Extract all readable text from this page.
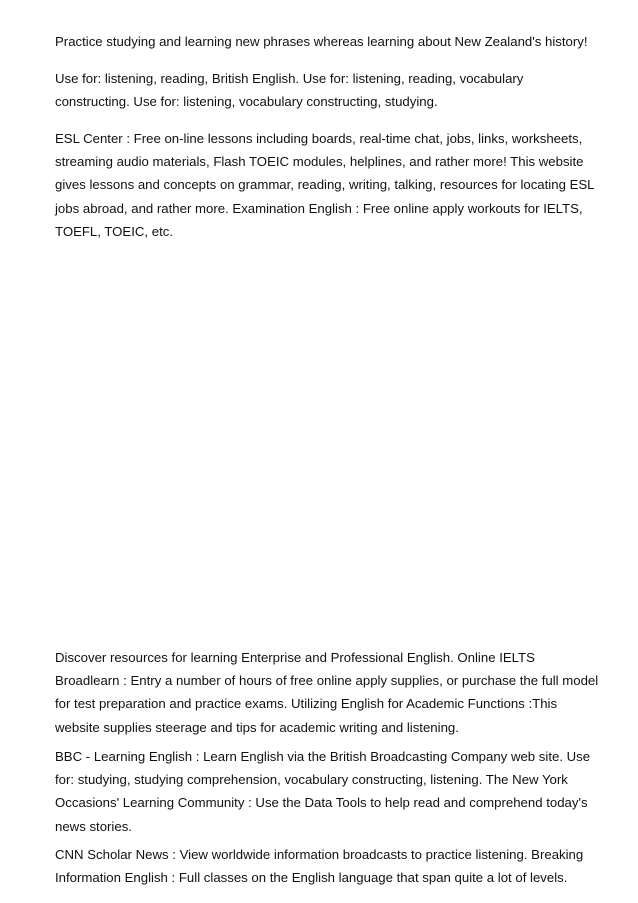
Practice studying and learning new phrases whereas learning about New Zealand's history!

Use for: listening, reading, British English. Use for: listening, reading, vocabulary
constructing. Use for: listening, vocabulary constructing, studying.

ESL Center : Free on-line lessons including boards, real-time chat, jobs, links, worksheets,
streaming audio materials, Flash TOEIC modules, helplines, and rather more! This website
gives lessons and concepts on grammar, reading, writing, talking, resources for locating ESL
jobs abroad, and rather more. Examination English : Free online apply workouts for IELTS,
TOEFL, TOEIC, etc.

Discover resources for learning Enterprise and Professional English. Online IELTS
Broadlearn : Entry a number of hours of free online apply supplies, or purchase the full model
for test preparation and practice exams. Utilizing English for Academic Functions :This
website supplies steerage and tips for academic writing and listening.

BBC - Learning English : Learn English via the British Broadcasting Company web site. Use
for: studying, studying comprehension, vocabulary constructing, listening. The New York
Occasions' Learning Community : Use the Data Tools to help read and comprehend today's
news stories.

CNN Scholar News : View worldwide information broadcasts to practice listening. Breaking
Information English : Full classes on the English language that span quite a lot of levels.
